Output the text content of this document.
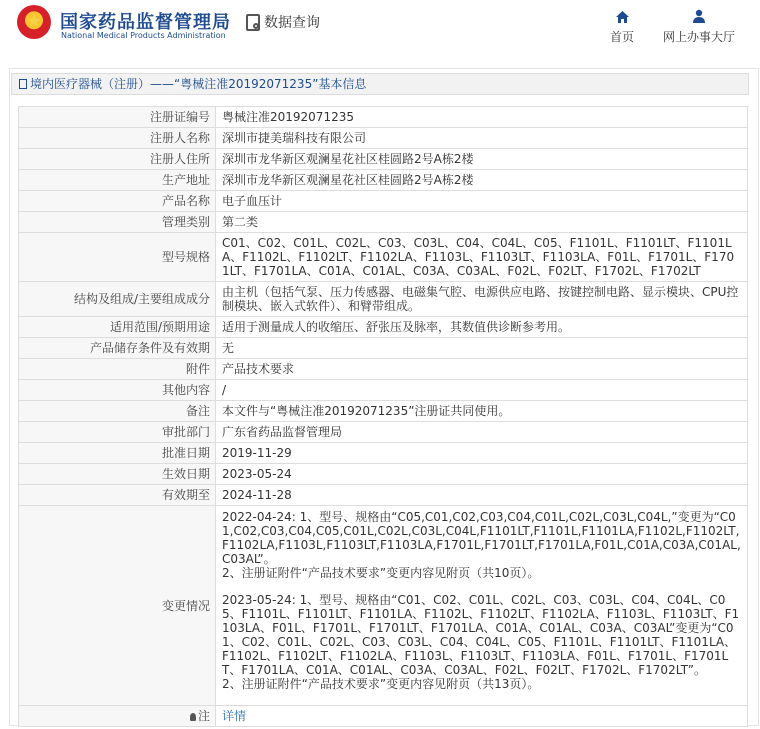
国家药品监督管理局
National Medical Products Administration
数据查询
首页 网上办事大厅
境内医疗器械（注册）——“粤械注准20192071235”基本信息
注册证编号	粤械注准20192071235
注册人名称	深圳市捷美瑞科技有限公司
注册人住所	深圳市龙华新区观澜星花社区桂圆路2号A栋2楼
生产地址	深圳市龙华新区观澜星花社区桂圆路2号A栋2楼
产品名称	电子血压计
管理类别	第二类
型号规格	C01、C02、C01L、C02L、C03、C03L、C04、C04L、C05、F1101L、F1101LT、F1101LA、F1102L、F1102LT、F1102LA、F1103L、F1103LT、F1103LA、F01L、F1701L、F1701LT、F1701LA、C01A、C01AL、C03A、C03AL、F02L、F02LT、F1702L、F1702LT
结构及组成/主要组成成分	由主机（包括气泵、压力传感器、电磁集气腔、电源供应电路、按键控制电路、显示模块、CPU控制模块、嵌入式软件）、和臂带组成。
适用范围/预期用途	适用于测量成人的收缩压、舒张压及脉率，其数值供诊断参考用。
产品储存条件及有效期	无
附件	产品技术要求
其他内容	/
备注	本文件与“粤械注准20192071235”注册证共同使用。
审批部门	广东省药品监督管理局
批准日期	2019-11-29
生效日期	2023-05-24
有效期至	2024-11-28
变更情况	2022-04-24: 1、型号、规格由“C05,C01,C02,C03,C04,C01L,C02L,C03L,C04L,”变更为“C01,C02,C03,C04,C05,C01L,C02L,C03L,C04L,F1101LT,F1101L,F1101LA,F1102L,F1102LT,F1102LA,F1103L,F1103LT,F1103LA,F1701L,F1701LT,F1701LA,F01L,C01A,C03A,C01AL,C03AL”。
2、注册证附件“产品技术要求”变更内容见附页（共10页）。
2023-05-24: 1、型号、规格由“C01、C02、C01L、C02L、C03、C03L、C04、C04L、C05、F1101L、F1101LT、F1101LA、F1102L、F1102LT、F1102LA、F1103L、F1103LT、F1103LA、F01L、F1701L、F1701LT、F1701LA、C01A、C01AL、C03A、C03AL”变更为“C01、C02、C01L、C02L、C03、C03L、C04、C04L、C05、F1101L、F1101LT、F1101LA、F1102L、F1102LT、F1102LA、F1103L、F1103LT、F1103LA、F01L、F1701L、F1701LT、F1701LA、C01A、C01AL、C03A、C03AL、F02L、F02LT、F1702L、F1702LT”。
2、注册证附件“产品技术要求”变更内容见附页（共13页）。

注	详情
